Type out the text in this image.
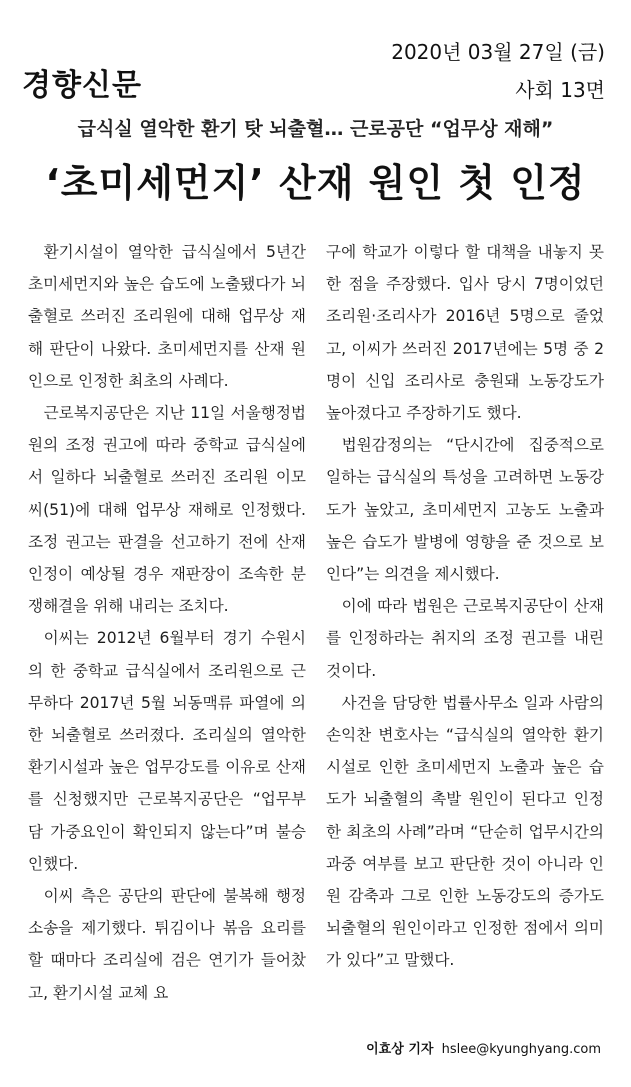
경향신문
2020년 03월 27일 (금)
사회 13면
급식실 열악한 환기 탓 뇌출혈… 근로공단 “업무상 재해”
‘초미세먼지’ 산재 원인 첫 인정

환기시설이 열악한 급식실에서 5년간 초미세먼지와 높은 습도에 노출됐다가 뇌출혈로 쓰러진 조리원에 대해 업무상 재해 판단이 나왔다. 초미세먼지를 산재 원인으로 인정한 최초의 사례다.

근로복지공단은 지난 11일 서울행정법원의 조정 권고에 따라 중학교 급식실에서 일하다 뇌출혈로 쓰러진 조리원 이모씨(51)에 대해 업무상 재해로 인정했다. 조정 권고는 판결을 선고하기 전에 산재 인정이 예상될 경우 재판장이 조속한 분쟁해결을 위해 내리는 조치다.

이씨는 2012년 6월부터 경기 수원시의 한 중학교 급식실에서 조리원으로 근무하다 2017년 5월 뇌동맥류 파열에 의한 뇌출혈로 쓰러졌다. 조리실의 열악한 환기시설과 높은 업무강도를 이유로 산재를 신청했지만 근로복지공단은 “업무부담 가중요인이 확인되지 않는다”며 불승인했다.

이씨 측은 공단의 판단에 불복해 행정소송을 제기했다. 튀김이나 볶음 요리를 할 때마다 조리실에 검은 연기가 들어찼고, 환기시설 교체 요

구에 학교가 이렇다 할 대책을 내놓지 못한 점을 주장했다. 입사 당시 7명이었던 조리원·조리사가 2016년 5명으로 줄었고, 이씨가 쓰러진 2017년에는 5명 중 2명이 신입 조리사로 충원돼 노동강도가 높아졌다고 주장하기도 했다.

법원감정의는 “단시간에 집중적으로 일하는 급식실의 특성을 고려하면 노동강도가 높았고, 초미세먼지 고농도 노출과 높은 습도가 발병에 영향을 준 것으로 보인다”는 의견을 제시했다.

이에 따라 법원은 근로복지공단이 산재를 인정하라는 취지의 조정 권고를 내린 것이다.

사건을 담당한 법률사무소 일과 사람의 손익찬 변호사는 “급식실의 열악한 환기시설로 인한 초미세먼지 노출과 높은 습도가 뇌출혈의 촉발 원인이 된다고 인정한 최초의 사례”라며 “단순히 업무시간의 과중 여부를 보고 판단한 것이 아니라 인원 감축과 그로 인한 노동강도의 증가도 뇌출혈의 원인이라고 인정한 점에서 의미가 있다”고 말했다.

이효상 기자 hslee@kyunghyang.com
